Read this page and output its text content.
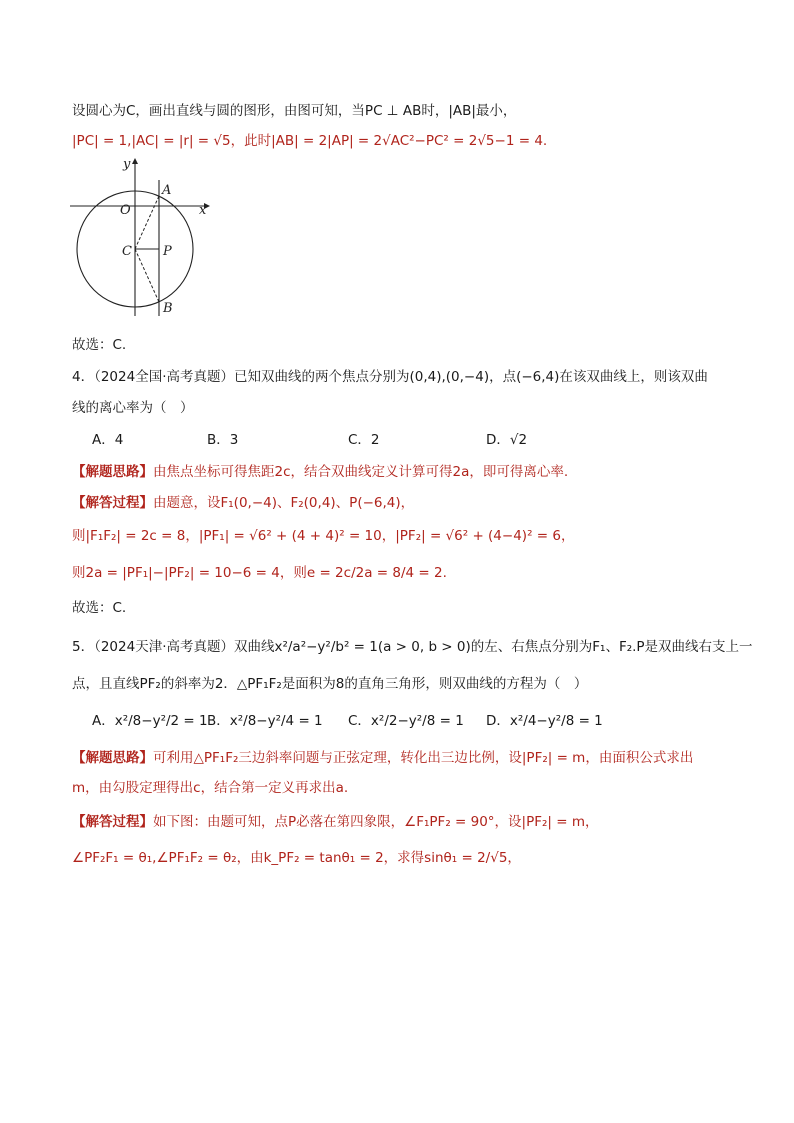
设圆心为C，画出直线与圆的图形，由图可知，当PC ⊥ AB时，|AB|最小，
|PC| = 1,|AC| = |r| = √5，此时|AB| = 2|AP| = 2√AC²−PC² = 2√5−1 = 4.
y
x
O
A
C P
B
故选：C.
4．（2024全国·高考真题）已知双曲线的两个焦点分别为(0,4),(0,−4)，点(−6,4)在该双曲线上，则该双曲
线的离心率为（　）
A．4	B．3	C．2	D．√2
【解题思路】由焦点坐标可得焦距2c，结合双曲线定义计算可得2a，即可得离心率.
【解答过程】由题意，设F₁(0,−4)、F₂(0,4)、P(−6,4)，
则|F₁F₂| = 2c = 8，|PF₁| = √6² + (4 + 4)² = 10，|PF₂| = √6² + (4−4)² = 6，
则2a = |PF₁|−|PF₂| = 10−6 = 4，则e = 2c/2a = 8/4 = 2.
故选：C.
5．（2024天津·高考真题）双曲线x²/a²−y²/b² = 1(a > 0, b > 0)的左、右焦点分别为F₁、F₂.P是双曲线右支上一
点，且直线PF₂的斜率为2．△PF₁F₂是面积为8的直角三角形，则双曲线的方程为（　）
A．x²/8−y²/2 = 1 B．x²/8−y²/4 = 1 C．x²/2−y²/8 = 1 D．x²/4−y²/8 = 1
【解题思路】可利用△PF₁F₂三边斜率问题与正弦定理，转化出三边比例，设|PF₂| = m，由面积公式求出
m，由勾股定理得出c，结合第一定义再求出a.
【解答过程】如下图：由题可知，点P必落在第四象限，∠F₁PF₂ = 90°，设|PF₂| = m，
∠PF₂F₁ = θ₁,∠PF₁F₂ = θ₂，由k_PF₂ = tanθ₁ = 2，求得sinθ₁ = 2/√5，
